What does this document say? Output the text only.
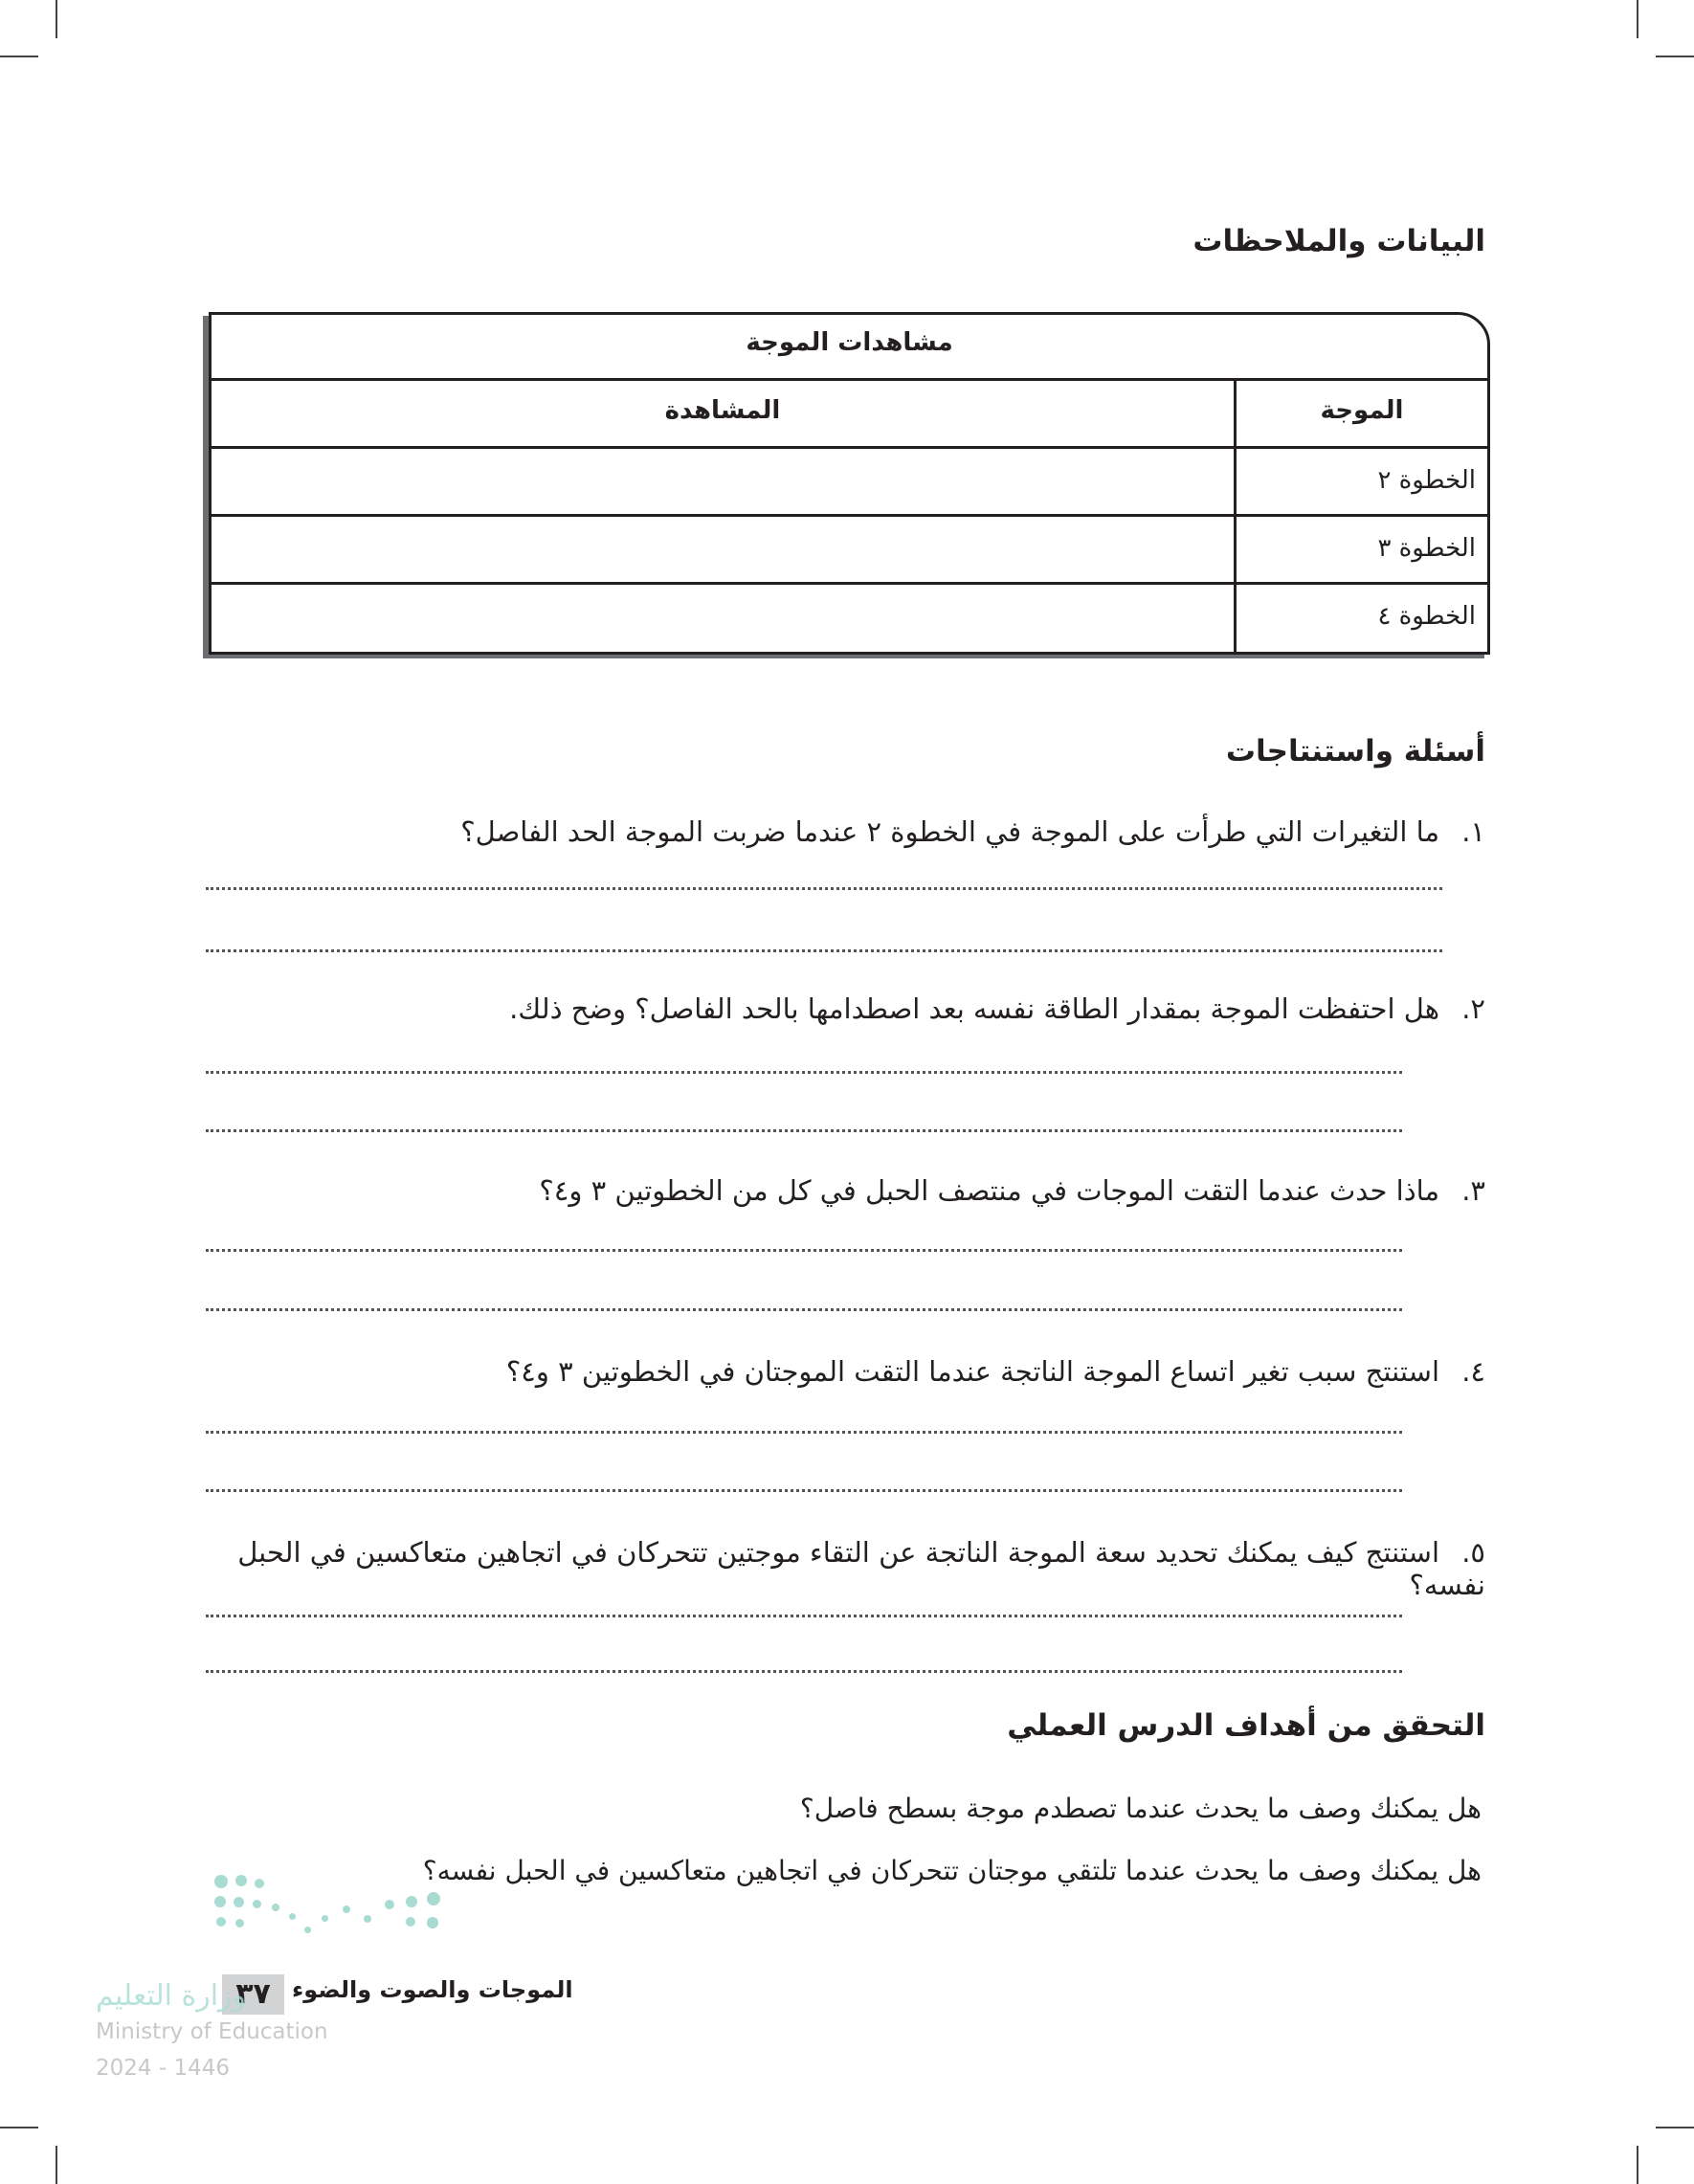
البيانات والملاحظات
مشاهدات الموجة
الموجة
المشاهدة
الخطوة ٢
الخطوة ٣
الخطوة ٤
أسئلة واستنتاجات
١.ما التغيرات التي طرأت على الموجة في الخطوة ٢ عندما ضربت الموجة الحد الفاصل؟
٢.هل احتفظت الموجة بمقدار الطاقة نفسه بعد اصطدامها بالحد الفاصل؟ وضح ذلك.
٣.ماذا حدث عندما التقت الموجات في منتصف الحبل في كل من الخطوتين ٣ و٤؟
٤.استنتج سبب تغير اتساع الموجة الناتجة عندما التقت الموجتان في الخطوتين ٣ و٤؟
٥.استنتج كيف يمكنك تحديد سعة الموجة الناتجة عن التقاء موجتين تتحركان في اتجاهين متعاكسين في الحبل نفسه؟
التحقق من أهداف الدرس العملي
هل يمكنك وصف ما يحدث عندما تصطدم موجة بسطح فاصل؟
هل يمكنك وصف ما يحدث عندما تلتقي موجتان تتحركان في اتجاهين متعاكسين في الحبل نفسه؟
٣٧ الموجات والصوت والضوء
وزارة التعليم
Ministry of Education
2024 - 1446
